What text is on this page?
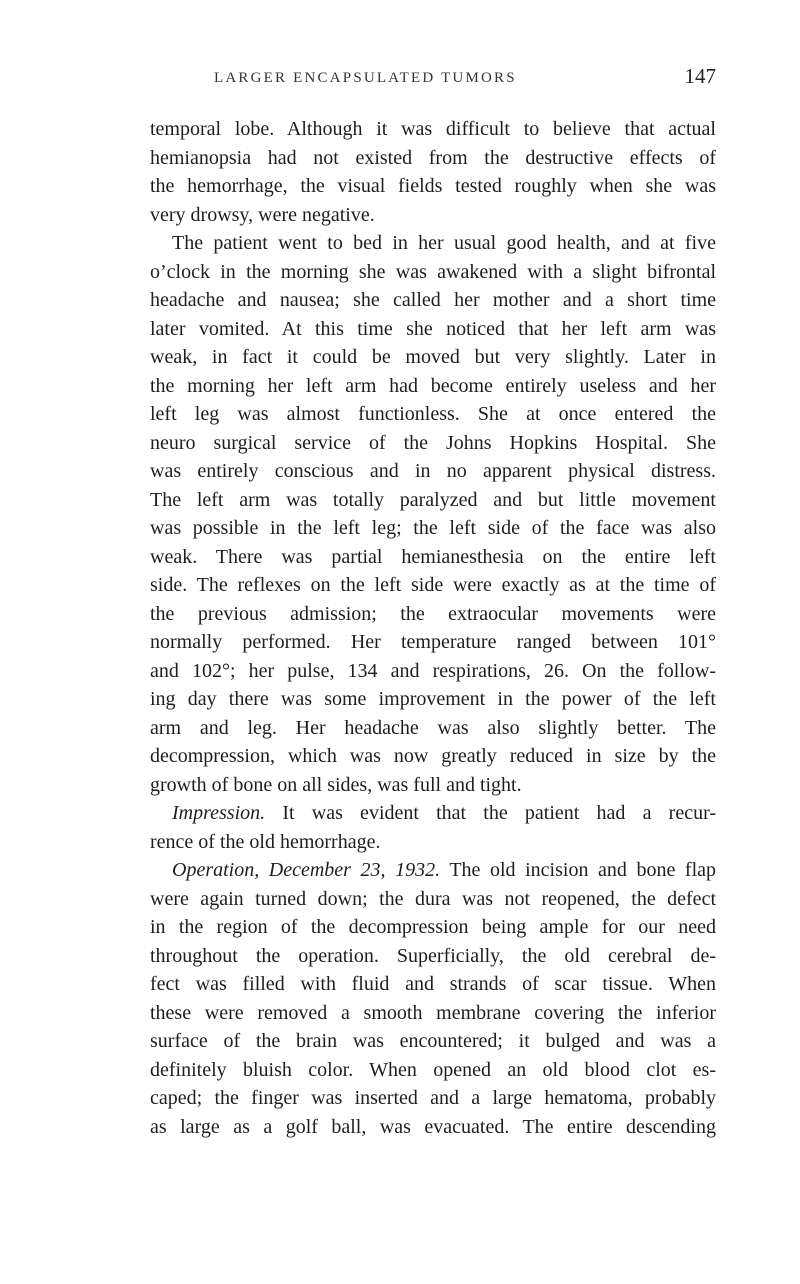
LARGER ENCAPSULATED TUMORS	147
temporal lobe. Although it was difficult to believe that actual
hemianopsia had not existed from the destructive effects of
the hemorrhage, the visual fields tested roughly when she was
very drowsy, were negative.
The patient went to bed in her usual good health, and at five
o’clock in the morning she was awakened with a slight bifrontal
headache and nausea; she called her mother and a short time
later vomited. At this time she noticed that her left arm was
weak, in fact it could be moved but very slightly. Later in
the morning her left arm had become entirely useless and her
left leg was almost functionless. She at once entered the
neuro surgical service of the Johns Hopkins Hospital. She
was entirely conscious and in no apparent physical distress.
The left arm was totally paralyzed and but little movement
was possible in the left leg; the left side of the face was also
weak. There was partial hemianesthesia on the entire left
side. The reflexes on the left side were exactly as at the time of
the previous admission; the extraocular movements were
normally performed. Her temperature ranged between 101°
and 102°; her pulse, 134 and respirations, 26. On the follow-
ing day there was some improvement in the power of the left
arm and leg. Her headache was also slightly better. The
decompression, which was now greatly reduced in size by the
growth of bone on all sides, was full and tight.
Impression. It was evident that the patient had a recur-
rence of the old hemorrhage.
Operation, December 23, 1932. The old incision and bone flap
were again turned down; the dura was not reopened, the defect
in the region of the decompression being ample for our need
throughout the operation. Superficially, the old cerebral de-
fect was filled with fluid and strands of scar tissue. When
these were removed a smooth membrane covering the inferior
surface of the brain was encountered; it bulged and was a
definitely bluish color. When opened an old blood clot es-
caped; the finger was inserted and a large hematoma, probably
as large as a golf ball, was evacuated. The entire descending
